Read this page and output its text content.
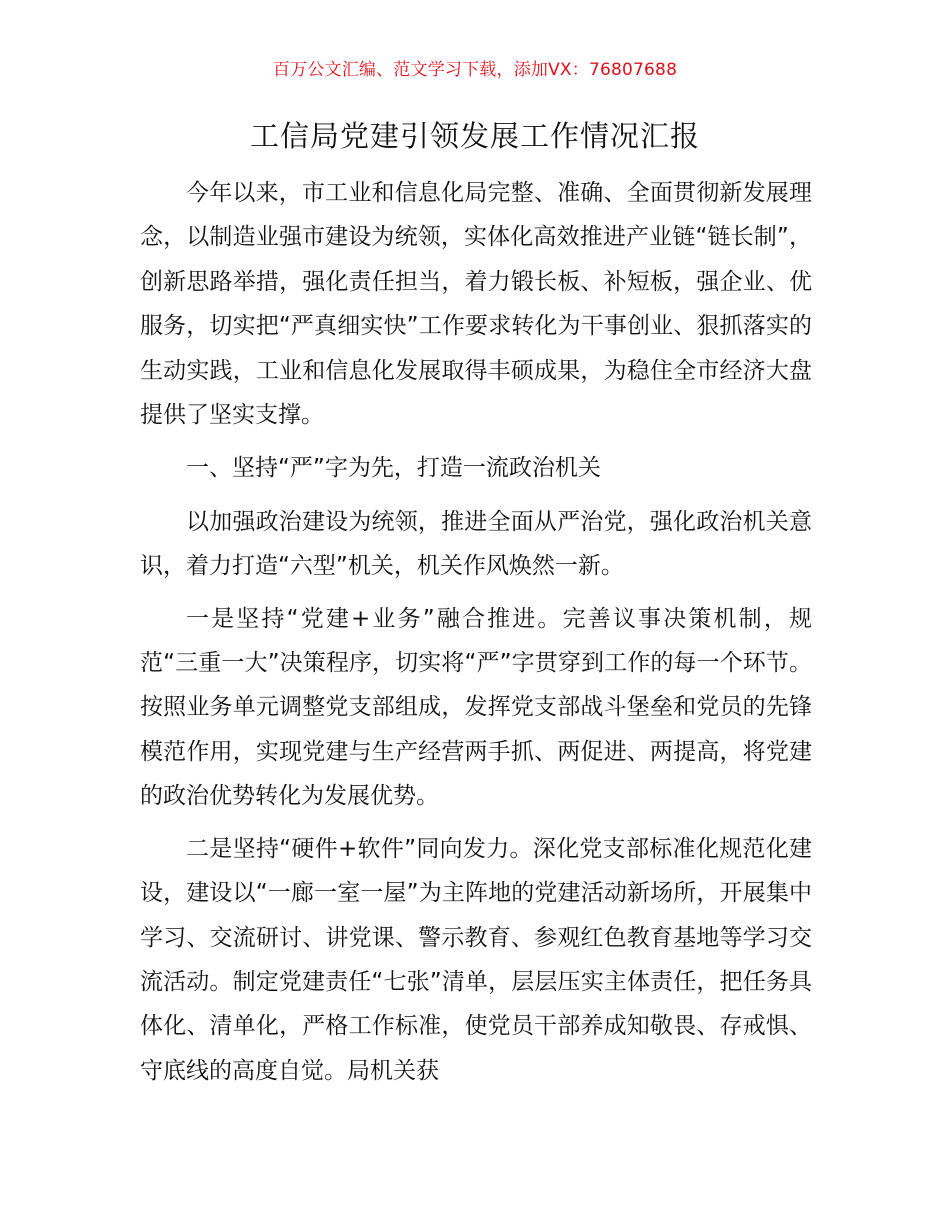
百万公文汇编、范文学习下载，添加VX：76807688
工信局党建引领发展工作情况汇报

今年以来，市工业和信息化局完整、准确、全面贯彻新发展理念，以制造业强市建设为统领，实体化高效推进产业链“链长制”，创新思路举措，强化责任担当，着力锻长板、补短板，强企业、优服务，切实把“严真细实快”工作要求转化为干事创业、狠抓落实的生动实践，工业和信息化发展取得丰硕成果，为稳住全市经济大盘提供了坚实支撑。

一、坚持“严”字为先，打造一流政治机关

以加强政治建设为统领，推进全面从严治党，强化政治机关意识，着力打造“六型”机关，机关作风焕然一新。

一是坚持“党建+业务”融合推进。完善议事决策机制，规范“三重一大”决策程序，切实将“严”字贯穿到工作的每一个环节。按照业务单元调整党支部组成，发挥党支部战斗堡垒和党员的先锋模范作用，实现党建与生产经营两手抓、两促进、两提高，将党建的政治优势转化为发展优势。

二是坚持“硬件+软件”同向发力。深化党支部标准化规范化建设，建设以“一廊一室一屋”为主阵地的党建活动新场所，开展集中学习、交流研讨、讲党课、警示教育、参观红色教育基地等学习交流活动。制定党建责任“七张”清单，层层压实主体责任，把任务具体化、清单化，严格工作标准，使党员干部养成知敬畏、存戒惧、守底线的高度自觉。局机关获
